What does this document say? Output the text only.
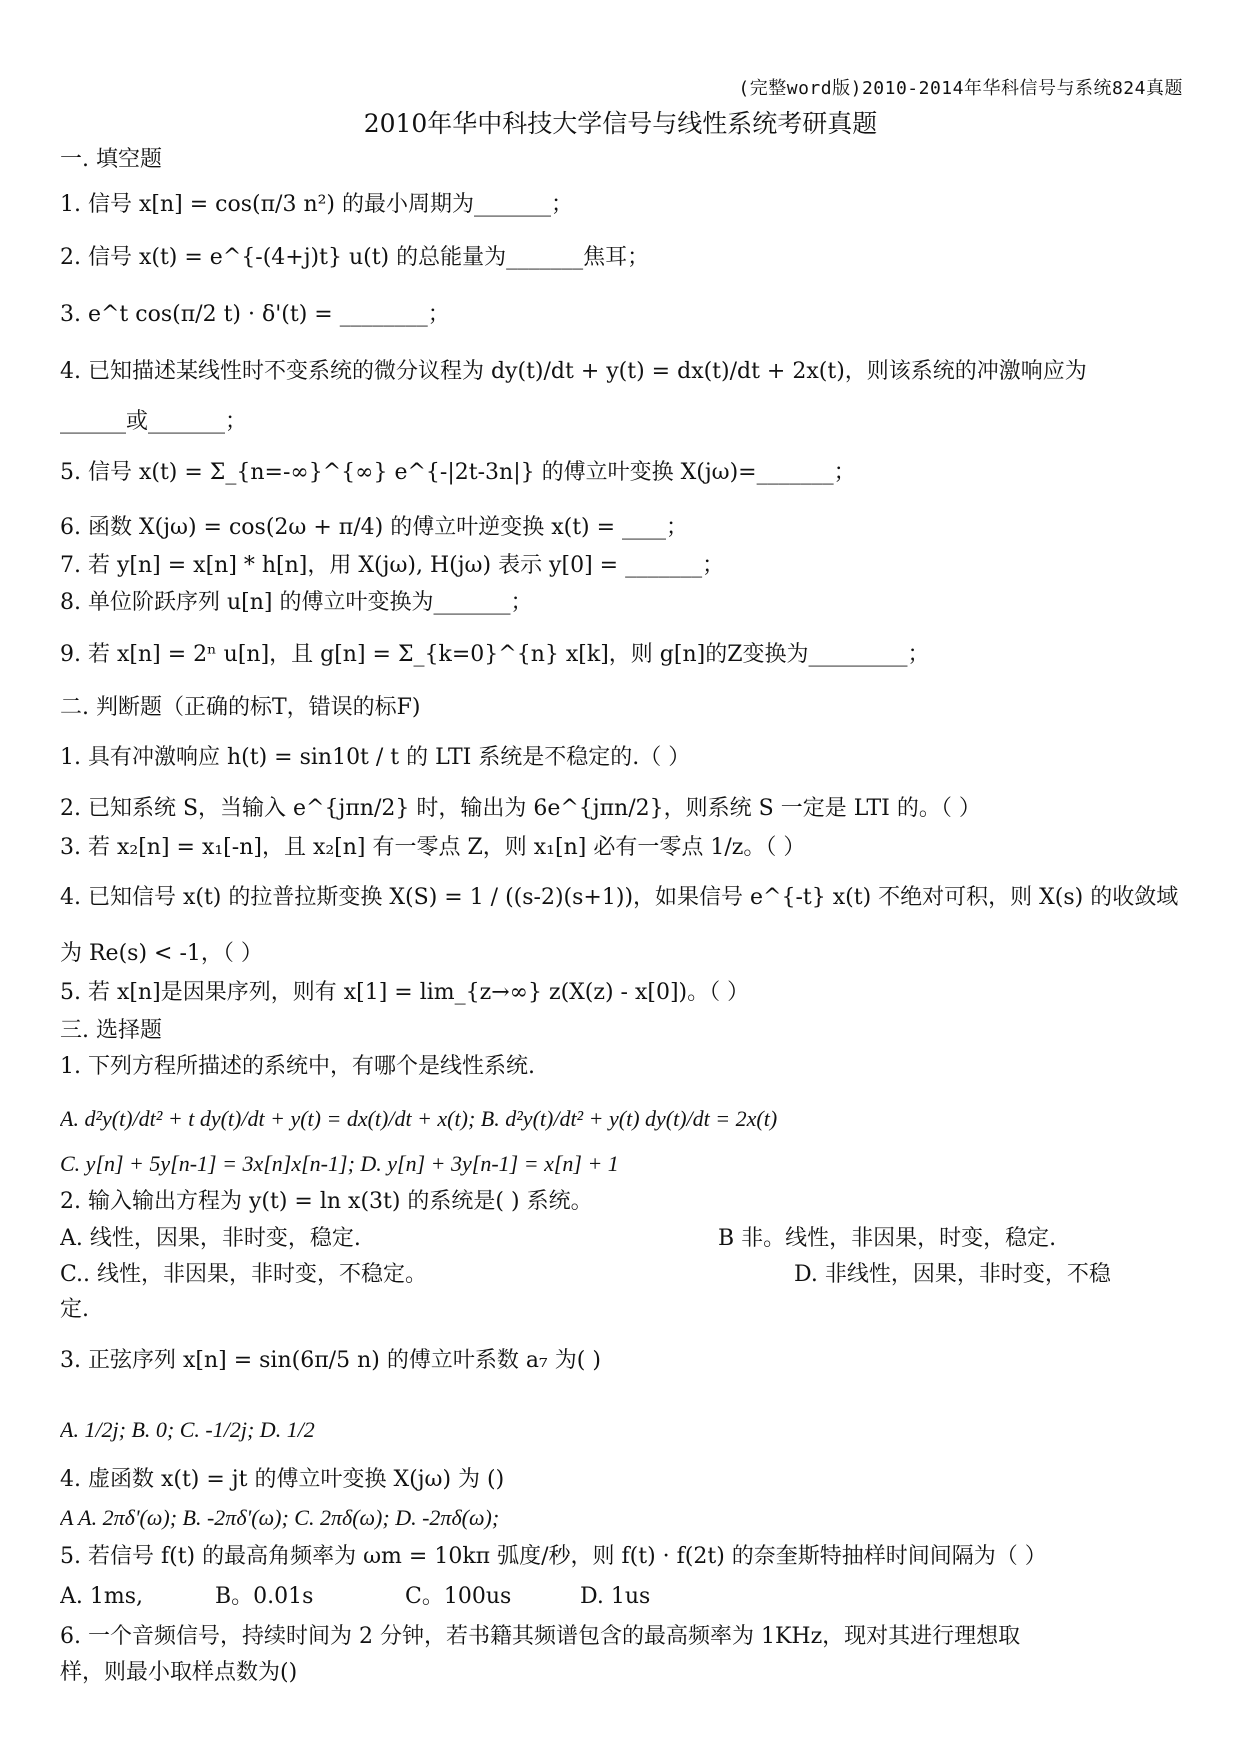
(完整word版)2010-2014年华科信号与系统824真题
2010年华中科技大学信号与线性系统考研真题
一. 填空题
1. 信号 x[n] = cos(π/3 n²) 的最小周期为_______；
2. 信号 x(t) = e^{-(4+j)t} u(t) 的总能量为_______焦耳；
3. e^t cos(π/2 t) · δ'(t) = ________；
4. 已知描述某线性时不变系统的微分议程为 dy(t)/dt + y(t) = dx(t)/dt + 2x(t)，则该系统的冲激响应为
______或_______；
5. 信号 x(t) = Σ_{n=-∞}^{∞} e^{-|2t-3n|} 的傅立叶变换 X(jω)=_______；
6. 函数 X(jω) = cos(2ω + π/4) 的傅立叶逆变换 x(t) = ____；
7. 若 y[n] = x[n] * h[n]，用 X(jω), H(jω) 表示 y[0] = _______；
8. 单位阶跃序列 u[n] 的傅立叶变换为_______；
9. 若 x[n] = 2ⁿ u[n]，且 g[n] = Σ_{k=0}^{n} x[k]，则 g[n]的Z变换为_________；
二. 判断题（正确的标T，错误的标F)
1. 具有冲激响应 h(t) = sin10t / t 的 LTI 系统是不稳定的.（ ）
2. 已知系统 S，当输入 e^{jπn/2} 时，输出为 6e^{jπn/2}，则系统 S 一定是 LTI 的。（ ）
3. 若 x₂[n] = x₁[-n]，且 x₂[n] 有一零点 Z，则 x₁[n] 必有一零点 1/z。（ ）
4. 已知信号 x(t) 的拉普拉斯变换 X(S) = 1 / ((s-2)(s+1))，如果信号 e^{-t} x(t) 不绝对可积，则 X(s) 的收敛域
为 Re(s) < -1，（ ）
5. 若 x[n]是因果序列，则有 x[1] = lim_{z→∞} z(X(z) - x[0])。（ ）
三. 选择题
1. 下列方程所描述的系统中，有哪个是线性系统.
A. d²y(t)/dt² + t dy(t)/dt + y(t) = dx(t)/dt + x(t); B. d²y(t)/dt² + y(t) dy(t)/dt = 2x(t)
C. y[n] + 5y[n-1] = 3x[n]x[n-1]; D. y[n] + 3y[n-1] = x[n] + 1
2. 输入输出方程为 y(t) = ln x(3t) 的系统是( ) 系统。
A. 线性，因果，非时变，稳定.	B 非。线性，非因果，时变，稳定.
C.. 线性，非因果，非时变，不稳定。	D. 非线性，因果，非时变，不稳
定.
3. 正弦序列 x[n] = sin(6π/5 n) 的傅立叶系数 a₇ 为( )
A. 1/2j; B. 0; C. -1/2j; D. 1/2
4. 虚函数 x(t) = jt 的傅立叶变换 X(jω) 为 ()
A A. 2πδ'(ω); B. -2πδ'(ω); C. 2πδ(ω); D. -2πδ(ω);
5. 若信号 f(t) 的最高角频率为 ωm = 10kπ 弧度/秒，则 f(t) · f(2t) 的奈奎斯特抽样时间间隔为（ ）
A. 1ms,	B。0.01s	C。100us	D. 1us
6. 一个音频信号，持续时间为 2 分钟，若书籍其频谱包含的最高频率为 1KHz，现对其进行理想取
样，则最小取样点数为()
